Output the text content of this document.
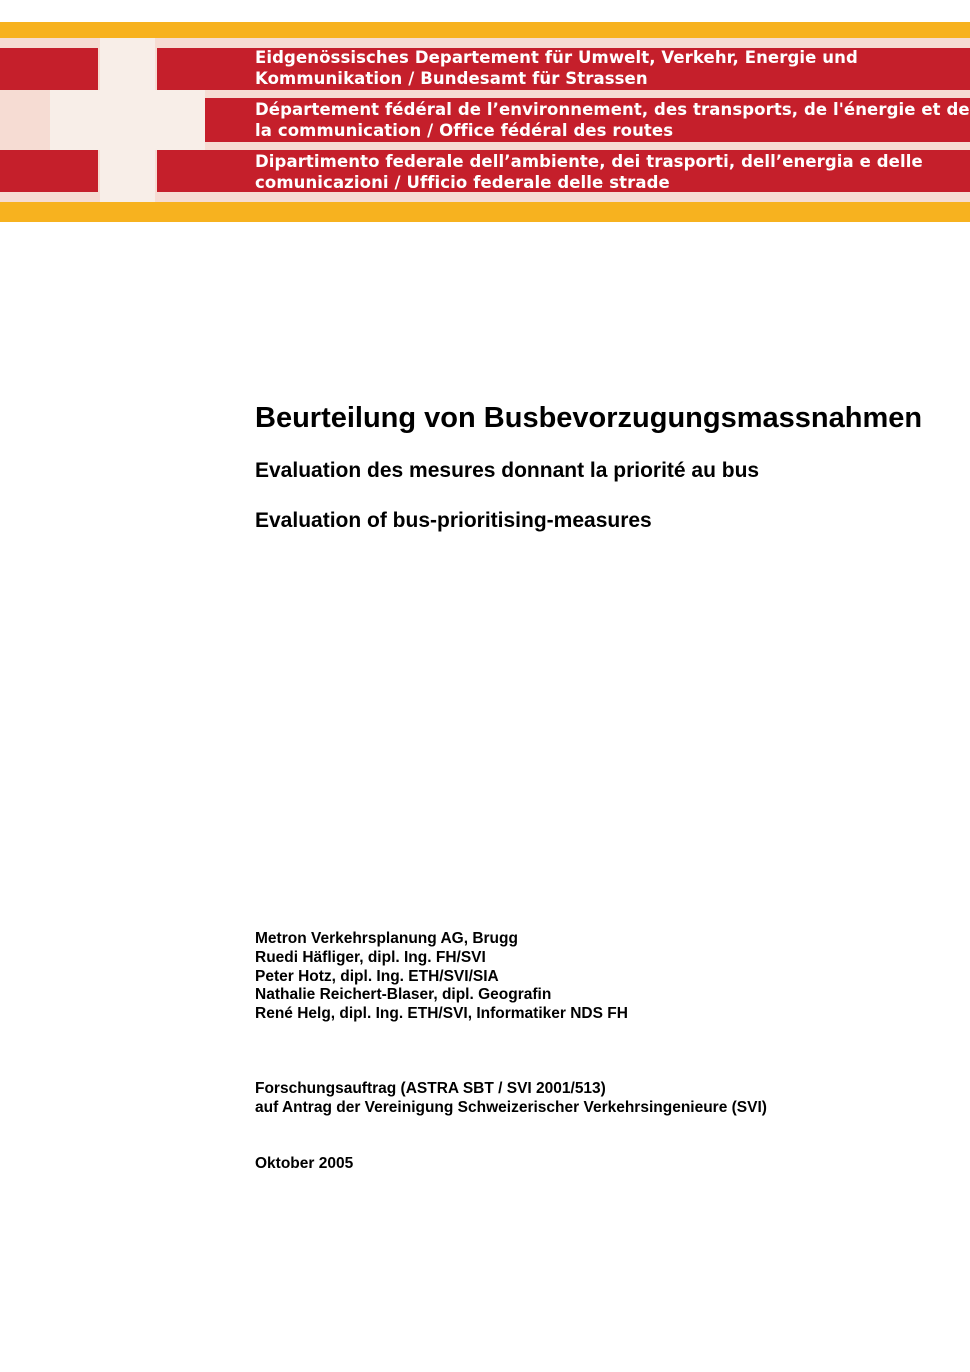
Eidgenössisches Departement für Umwelt, Verkehr, Energie und
Kommunikation / Bundesamt für Strassen
Département fédéral de l’environnement, des transports, de l'énergie et de
la communication / Office fédéral des routes
Dipartimento federale dell’ambiente, dei trasporti, dell’energia e delle
comunicazioni / Ufficio federale delle strade
Beurteilung von Busbevorzugungsmassnahmen
Evaluation des mesures donnant la priorité au bus
Evaluation of bus-prioritising-measures
Metron Verkehrsplanung AG, Brugg
Ruedi Häfliger, dipl. Ing. FH/SVI
Peter Hotz, dipl. Ing. ETH/SVI/SIA
Nathalie Reichert-Blaser, dipl. Geografin
René Helg, dipl. Ing. ETH/SVI, Informatiker NDS FH
Forschungsauftrag (ASTRA SBT / SVI 2001/513)
auf Antrag der Vereinigung Schweizerischer Verkehrsingenieure (SVI)
Oktober 2005
